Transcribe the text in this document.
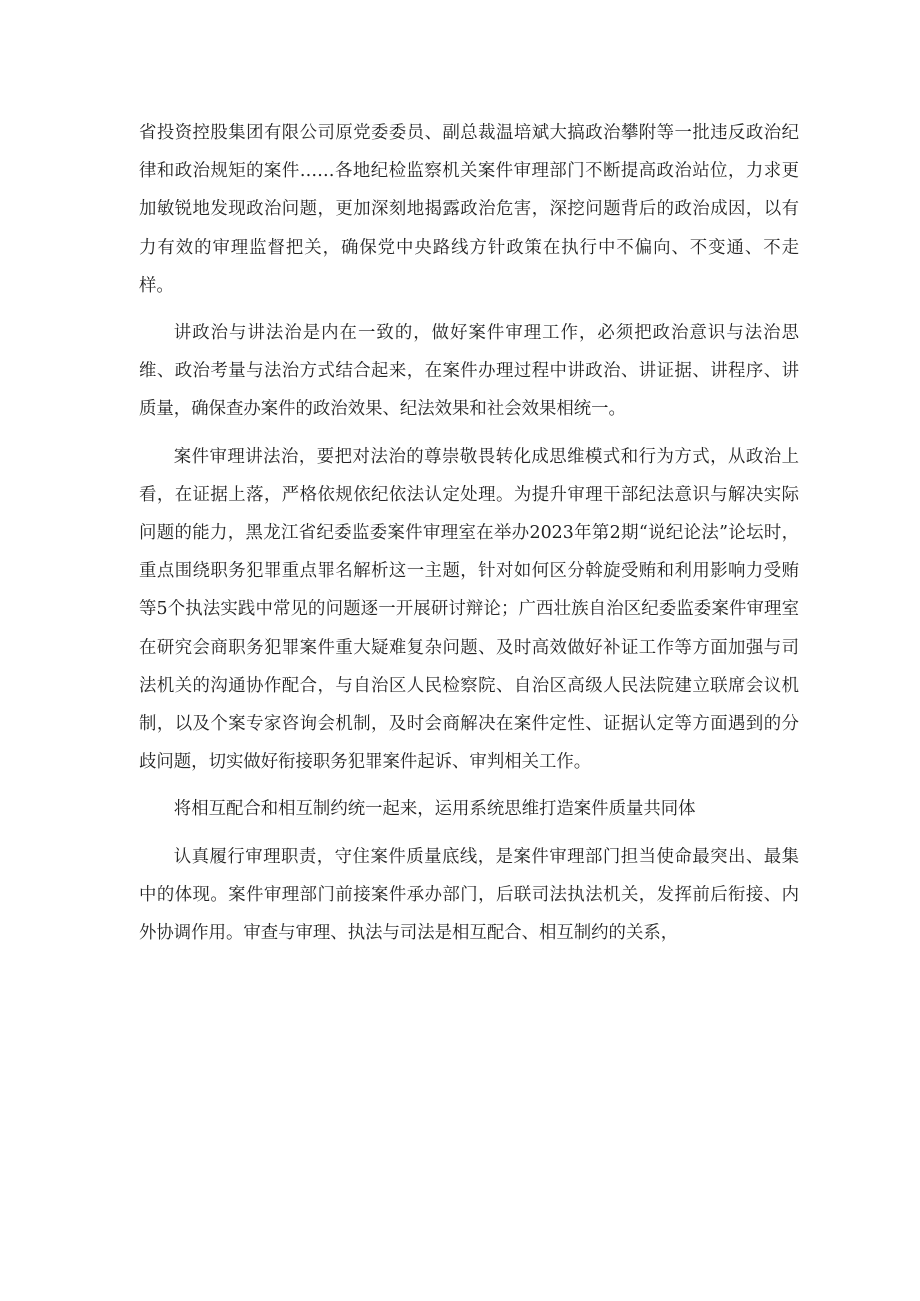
省投资控股集团有限公司原党委委员、副总裁温培斌大搞政治攀附等一批违反政治纪律和政治规矩的案件……各地纪检监察机关案件审理部门不断提高政治站位，力求更加敏锐地发现政治问题，更加深刻地揭露政治危害，深挖问题背后的政治成因，以有力有效的审理监督把关，确保党中央路线方针政策在执行中不偏向、不变通、不走样。

讲政治与讲法治是内在一致的，做好案件审理工作，必须把政治意识与法治思维、政治考量与法治方式结合起来，在案件办理过程中讲政治、讲证据、讲程序、讲质量，确保查办案件的政治效果、纪法效果和社会效果相统一。

案件审理讲法治，要把对法治的尊崇敬畏转化成思维模式和行为方式，从政治上看，在证据上落，严格依规依纪依法认定处理。为提升审理干部纪法意识与解决实际问题的能力，黑龙江省纪委监委案件审理室在举办2023年第2期“说纪论法”论坛时，重点围绕职务犯罪重点罪名解析这一主题，针对如何区分斡旋受贿和利用影响力受贿等5个执法实践中常见的问题逐一开展研讨辩论；广西壮族自治区纪委监委案件审理室在研究会商职务犯罪案件重大疑难复杂问题、及时高效做好补证工作等方面加强与司法机关的沟通协作配合，与自治区人民检察院、自治区高级人民法院建立联席会议机制，以及个案专家咨询会机制，及时会商解决在案件定性、证据认定等方面遇到的分歧问题，切实做好衔接职务犯罪案件起诉、审判相关工作。

将相互配合和相互制约统一起来，运用系统思维打造案件质量共同体

认真履行审理职责，守住案件质量底线，是案件审理部门担当使命最突出、最集中的体现。案件审理部门前接案件承办部门，后联司法执法机关，发挥前后衔接、内外协调作用。审查与审理、执法与司法是相互配合、相互制约的关系，
